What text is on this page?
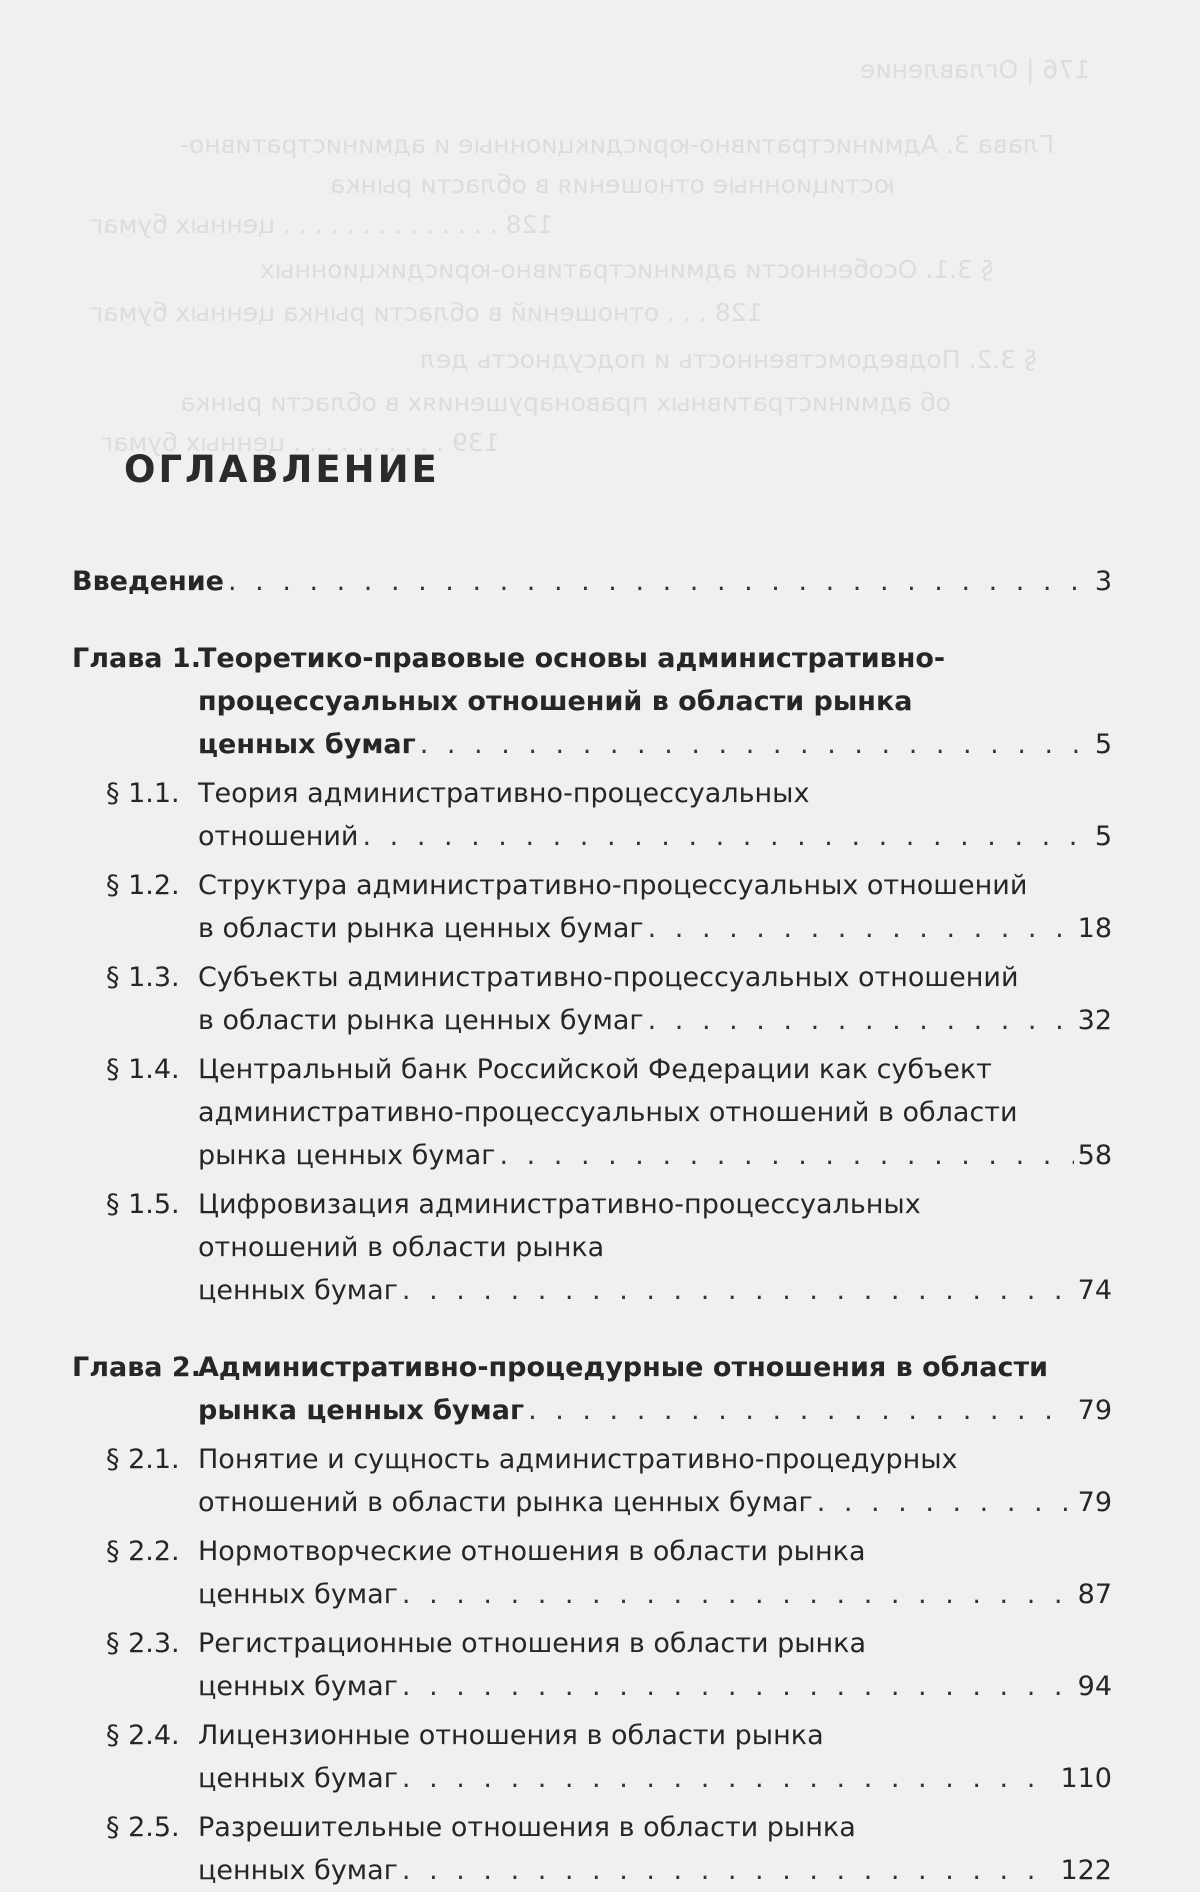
176 | Оглавление
Глава 3. Административно-юрисдикционные и административно-
юстиционные отношения в области рынка
128 . . . . . . . . . . . . . . ценных бумаг
§ 3.1. Особенности административно-юрисдикционных
128 . . . отношений в области рынка ценных бумаг
§ 3.2. Подведомственность и подсудность дел
об административных правонарушениях в области рынка
139 . . . . . . . . . . ценных бумаг
ОГЛАВЛЕНИЕ
Введение . . .	3
Глава 1.
Теоретико-правовые основы административно-
процессуальных отношений в области рынка
ценных бумаг . . .	5
§ 1.1. Теория административно-процессуальных
отношений . . .	5
§ 1.2. Структура административно-процессуальных отношений
в области рынка ценных бумаг . . .	18
§ 1.3. Субъекты административно-процессуальных отношений
в области рынка ценных бумаг . . .	32
§ 1.4. Центральный банк Российской Федерации как субъект
административно-процессуальных отношений в области
рынка ценных бумаг . . .	58
§ 1.5. Цифровизация административно-процессуальных
отношений в области рынка
ценных бумаг . . .	74
Глава 2.
Административно-процедурные отношения в области
рынка ценных бумаг . . .	79
§ 2.1. Понятие и сущность административно-процедурных
отношений в области рынка ценных бумаг . . .	79
§ 2.2. Нормотворческие отношения в области рынка
ценных бумаг . . .	87
§ 2.3. Регистрационные отношения в области рынка
ценных бумаг . . .	94
§ 2.4. Лицензионные отношения в области рынка
ценных бумаг . . .	110
§ 2.5. Разрешительные отношения в области рынка
ценных бумаг . . .	122
